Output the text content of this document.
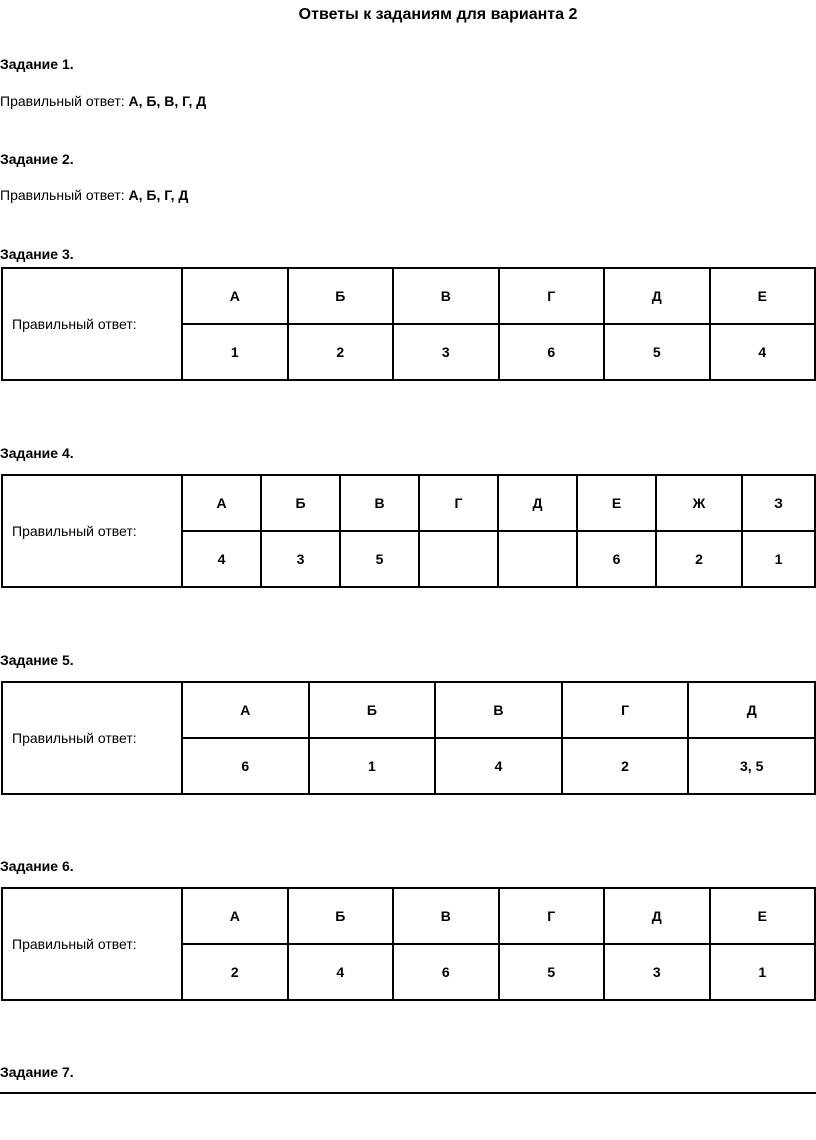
Ответы к заданиям для варианта 2
Задание 1.
Правильный ответ: А, Б, В, Г, Д
Задание 2.
Правильный ответ: А, Б, Г, Д
Задание 3.
Правильный ответ:	А	Б	В	Г	Д	Е
	1	2	3	6	5	4
Задание 4.
Правильный ответ:	А	Б	В	Г	Д	Е	Ж	З
	4	3	5			6	2	1
Задание 5.
Правильный ответ:	А	Б	В	Г	Д
	6	1	4	2	3, 5
Задание 6.
Правильный ответ:	А	Б	В	Г	Д	Е
	2	4	6	5	3	1
Задание 7.
